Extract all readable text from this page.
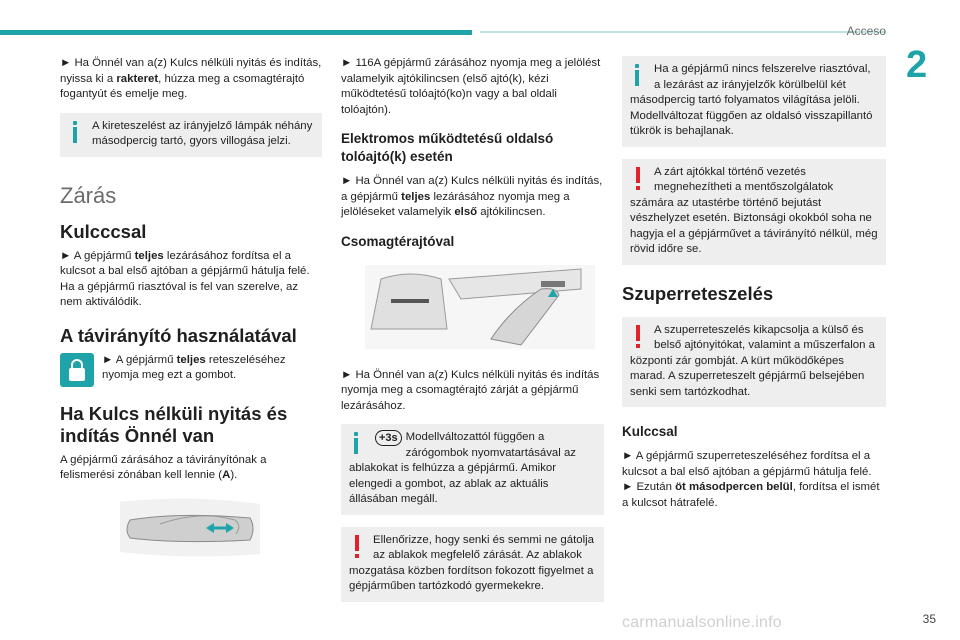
Acceso
2

► Ha Önnél van a(z) Kulcs nélküli nyitás és indítás, nyissa ki a rakteret, húzza meg a csomagtérajtó fogantyút és emelje meg.

A kireteszelést az irányjelző lámpák néhány másodpercig tartó, gyors villogása jelzi.
Zárás
Kulcccsal

► A gépjármű teljes lezárásához fordítsa el a kulcsot a bal első ajtóban a gépjármű hátulja felé.
Ha a gépjármű riasztóval is fel van szerelve, az nem aktiválódik.

A távirányító használatával

► A gépjármű teljes reteszeléséhez nyomja meg ezt a gombot.

Ha Kulcs nélküli nyitás és indítás Önnél van

A gépjármű zárásához a távirányítónak a felismerési zónában kell lennie (A).

► 116A gépjármű zárásához nyomja meg a jelölést valamelyik ajtókilincsen (első ajtó(k), kézi működtetésű tolóajtó(ko)n vagy a bal oldali tolóajtón).

Elektromos működtetésű oldalsó tolóajtó(k) esetén

► Ha Önnél van a(z) Kulcs nélküli nyitás és indítás, a gépjármű teljes lezárásához nyomja meg a jelöléseket valamelyik első ajtókilincsen.

Csomagtérajtóval

► Ha Önnél van a(z) Kulcs nélküli nyitás és indítás nyomja meg a csomagtérajtó zárját a gépjármű lezárásához.

+3s Modellváltozattól függően a zárógombok nyomvatartásával az ablakokat is felhúzza a gépjármű. Amikor elengedi a gombot, az ablak az aktuális állásában megáll.
Ellenőrizze, hogy senki és semmi ne gátolja az ablakok megfelelő zárását. Az ablakok mozgatása közben fordítson fokozott figyelmet a gépjárműben tartózkodó gyermekekre.
Ha a gépjármű nincs felszerelve riasztóval, a lezárást az irányjelzők körülbelül két másodpercig tartó folyamatos világítása jelöli. Modellváltozat függően az oldalsó visszapillantó tükrök is behajlanak.
A zárt ajtókkal történő vezetés megnehezítheti a mentőszolgálatok számára az utastérbe történő bejutást vészhelyzet esetén. Biztonsági okokból soha ne hagyja el a gépjárművet a távirányító nélkül, még rövid időre se.
Szuperreteszelés
A szuperreteszelés kikapcsolja a külső és belső ajtónyitókat, valamint a műszerfalon a központi zár gombját. A kürt működőképes marad. A szuperreteszelt gépjármű belsejében senki sem tartózkodhat.
Kulccsal

► A gépjármű szuperreteszeléséhez fordítsa el a kulcsot a bal első ajtóban a gépjármű hátulja felé.

► Ezután öt másodpercen belül, fordítsa el ismét a kulcsot hátrafelé.

carmanualsonline.info	35
